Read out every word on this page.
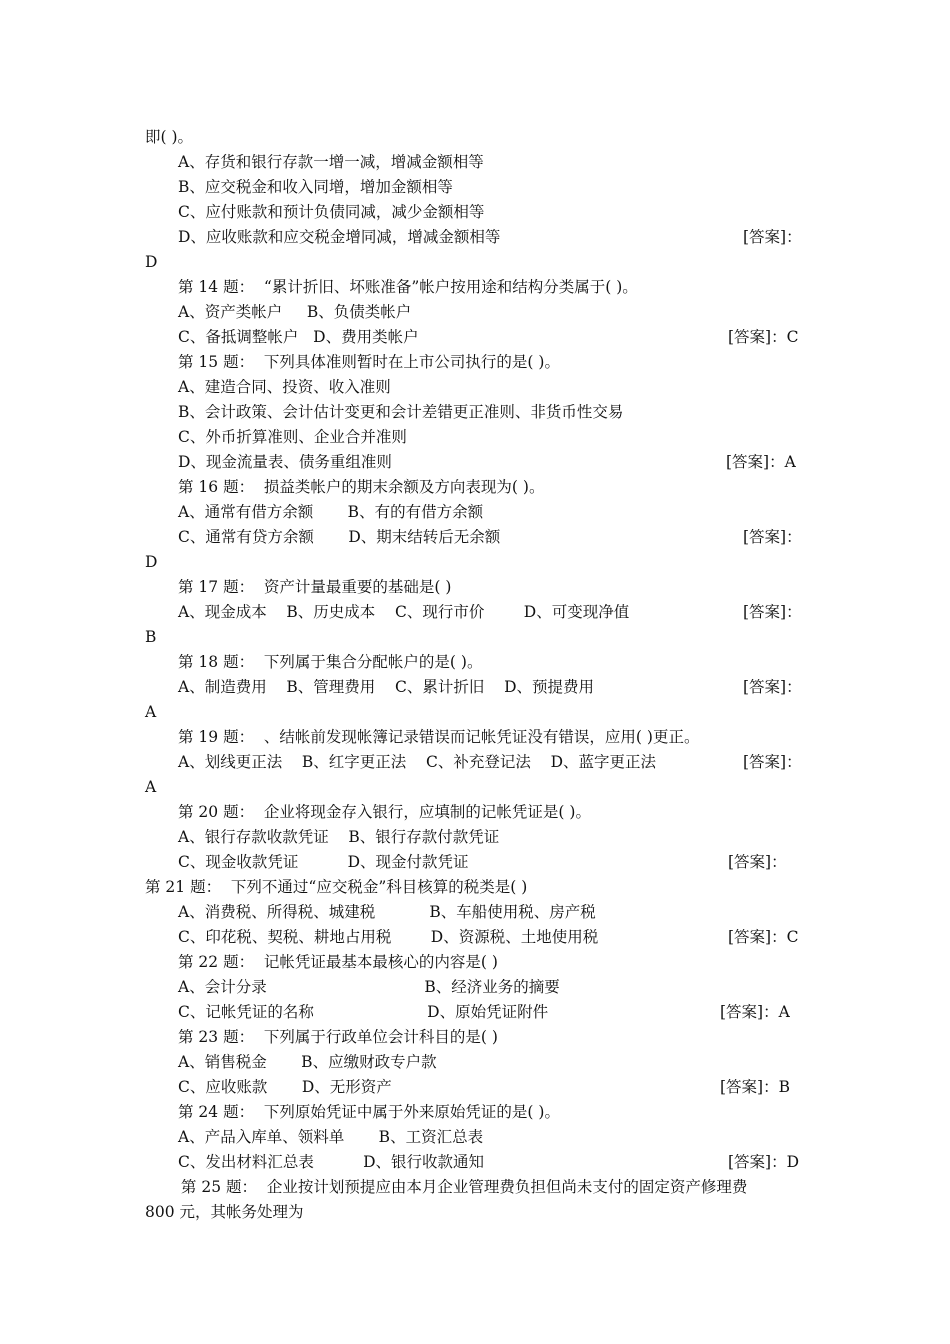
即( )。
A、存货和银行存款一增一减，增减金额相等
B、应交税金和收入同增，增加金额相等
C、应付账款和预计负债同减，减少金额相等
D、应收账款和应交税金增同减，增减金额相等	[答案]：
D
第 14 题：  “累计折旧、坏账准备”帐户按用途和结构分类属于( )。
A、资产类帐户     B、负债类帐户
C、备抵调整帐户   D、费用类帐户	[答案]：C
第 15 题：  下列具体准则暂时在上市公司执行的是( )。
A、建造合同、投资、收入准则
B、会计政策、会计估计变更和会计差错更正准则、非货币性交易
C、外币折算准则、企业合并准则
D、现金流量表、债务重组准则	[答案]：A
第 16 题：  损益类帐户的期末余额及方向表现为( )。
A、通常有借方余额       B、有的有借方余额
C、通常有贷方余额       D、期末结转后无余额	[答案]：
D
第 17 题：  资产计量最重要的基础是( )
A、现金成本    B、历史成本    C、现行市价        D、可变现净值	[答案]：
B
第 18 题：  下列属于集合分配帐户的是( )。
A、制造费用    B、管理费用    C、累计折旧    D、预提费用	[答案]：
A
第 19 题：  、结帐前发现帐簿记录错误而记帐凭证没有错误，应用( )更正。
A、划线更正法    B、红字更正法    C、补充登记法    D、蓝字更正法	[答案]：
A
第 20 题：  企业将现金存入银行，应填制的记帐凭证是( )。
A、银行存款收款凭证    B、银行存款付款凭证
C、现金收款凭证          D、现金付款凭证	[答案]：
第 21 题：  下列不通过“应交税金”科目核算的税类是( )
A、消费税、所得税、城建税           B、车船使用税、房产税
C、印花税、契税、耕地占用税        D、资源税、土地使用税	[答案]：C
第 22 题：  记帐凭证最基本最核心的内容是( )
A、会计分录                                B、经济业务的摘要
C、记帐凭证的名称                       D、原始凭证附件	[答案]：A
第 23 题：  下列属于行政单位会计科目的是( )
A、销售税金       B、应缴财政专户款
C、应收账款       D、无形资产	[答案]：B
第 24 题：  下列原始凭证中属于外来原始凭证的是( )。
A、产品入库单、领料单       B、工资汇总表
C、发出材料汇总表          D、银行收款通知	[答案]：D
第 25 题：  企业按计划预提应由本月企业管理费负担但尚未支付的固定资产修理费
800 元，其帐务处理为
